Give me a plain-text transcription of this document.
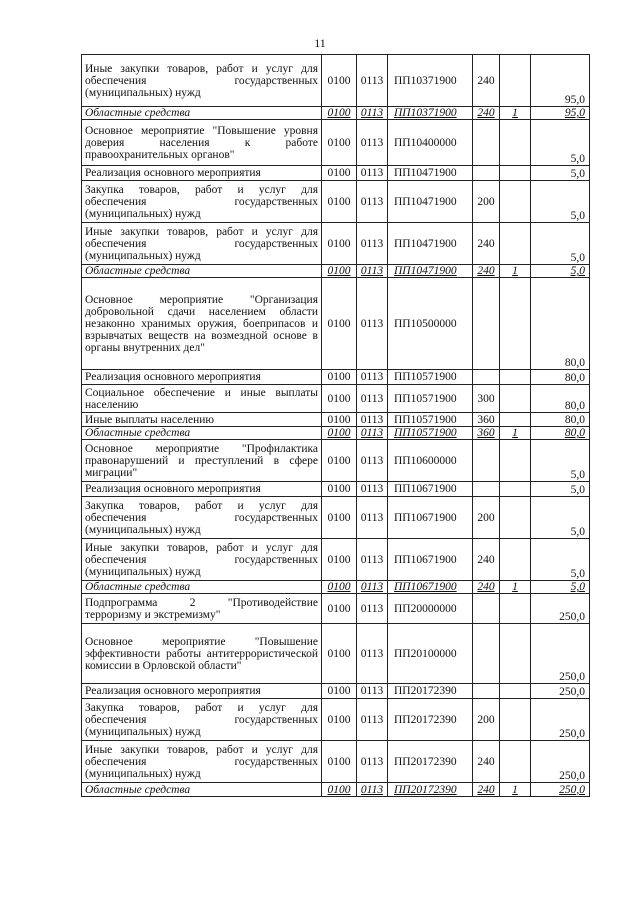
11
Иные закупки товаров, работ и услуг для обеспечения государственных (муниципальных) нужд	0100	0113	ПП10371900	240		95,0
Областные средства	0100	0113	ПП10371900	240	1	95,0
Основное мероприятие "Повышение уровня доверия населения к работе правоохранительных органов"	0100	0113	ПП10400000			5,0
Реализация основного мероприятия	0100	0113	ПП10471900			5,0
Закупка товаров, работ и услуг для обеспечения государственных (муниципальных) нужд	0100	0113	ПП10471900	200		5,0
Иные закупки товаров, работ и услуг для обеспечения государственных (муниципальных) нужд	0100	0113	ПП10471900	240		5,0
Областные средства	0100	0113	ПП10471900	240	1	5,0
Основное мероприятие "Организация добровольной сдачи населением области незаконно хранимых оружия, боеприпасов и взрывчатых веществ на возмездной основе в органы внутренних дел"	0100	0113	ПП10500000			80,0
Реализация основного мероприятия	0100	0113	ПП10571900			80,0
Социальное обеспечение и иные выплаты населению	0100	0113	ПП10571900	300		80,0
Иные выплаты населению	0100	0113	ПП10571900	360		80,0
Областные средства	0100	0113	ПП10571900	360	1	80,0
Основное мероприятие "Профилактика правонарушений и преступлений в сфере миграции"	0100	0113	ПП10600000			5,0
Реализация основного мероприятия	0100	0113	ПП10671900			5,0
Закупка товаров, работ и услуг для обеспечения государственных (муниципальных) нужд	0100	0113	ПП10671900	200		5,0
Иные закупки товаров, работ и услуг для обеспечения государственных (муниципальных) нужд	0100	0113	ПП10671900	240		5,0
Областные средства	0100	0113	ПП10671900	240	1	5,0
Подпрограмма 2 "Противодействие терроризму и экстремизму"	0100	0113	ПП20000000			250,0
Основное мероприятие "Повышение эффективности работы антитеррористической комиссии в Орловской области"	0100	0113	ПП20100000			250,0
Реализация основного мероприятия	0100	0113	ПП20172390			250,0
Закупка товаров, работ и услуг для обеспечения государственных (муниципальных) нужд	0100	0113	ПП20172390	200		250,0
Иные закупки товаров, работ и услуг для обеспечения государственных (муниципальных) нужд	0100	0113	ПП20172390	240		250,0
Областные средства	0100	0113	ПП20172390	240	1	250,0
